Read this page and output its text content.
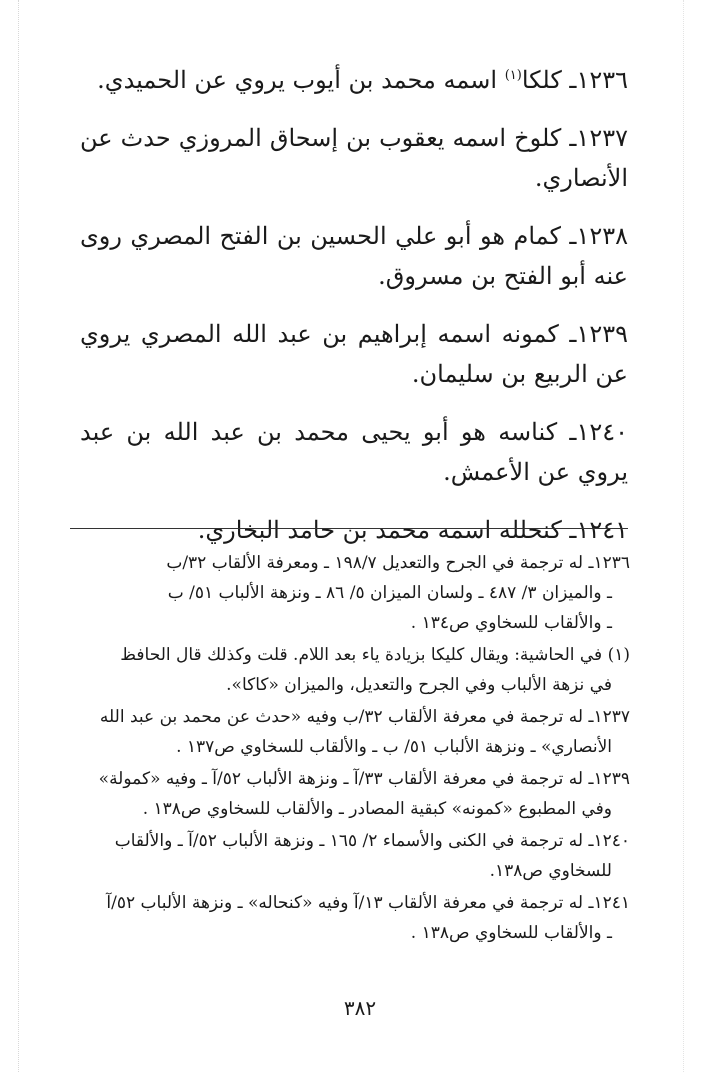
١٢٣٦ـ كلكا$^{(١)}$ اسمه محمد بن أيوب يروي عن الحميدي.

١٢٣٧ـ كلوخ اسمه يعقوب بن إسحاق المروزي حدث عن الأنصاري.

١٢٣٨ـ كمام هو أبو علي الحسين بن الفتح المصري روى عنه أبو الفتح بن مسروق.

١٢٣٩ـ كمونه اسمه إبراهيم بن عبد الله المصري يروي عن الربيع بن سليمان.

١٢٤٠ـ كناسه هو أبو يحيى محمد بن عبد الله بن عبد يروي عن الأعمش.

١٢٤١ـ كنحلله اسمه محمد بن حامد البخاري.

١٢٣٦ـ له ترجمة في الجرح والتعديل ١٩٨/٧ ـ ومعرفة الألقاب ٣٢/ب
ـ والميزان ٣/ ٤٨٧ ـ ولسان الميزان ٥/ ٨٦ ـ ونزهة الألباب ٥١/ ب
ـ والألقاب للسخاوي ص١٣٤ .

(١) في الحاشية: ويقال كليكا بزيادة ياء بعد اللام. قلت وكذلك قال الحافظ
في نزهة الألباب وفي الجرح والتعديل، والميزان «كاكا».

١٢٣٧ـ له ترجمة في معرفة الألقاب ٣٢/ب وفيه «حدث عن محمد بن عبد الله
الأنصاري» ـ ونزهة الألباب ٥١/ ب ـ والألقاب للسخاوي ص١٣٧ .

١٢٣٩ـ له ترجمة في معرفة الألقاب ٣٣/آ ـ ونزهة الألباب ٥٢/آ ـ وفيه «كمولة»
وفي المطبوع «كمونه» كبقية المصادر ـ والألقاب للسخاوي ص١٣٨ .

١٢٤٠ـ له ترجمة في الكنى والأسماء ٢/ ١٦٥ ـ ونزهة الألباب ٥٢/آ ـ والألقاب
للسخاوي ص١٣٨.

١٢٤١ـ له ترجمة في معرفة الألقاب ١٣/آ وفيه «كنحاله» ـ ونزهة الألباب ٥٢/آ
ـ والألقاب للسخاوي ص١٣٨ .

٣٨٢
